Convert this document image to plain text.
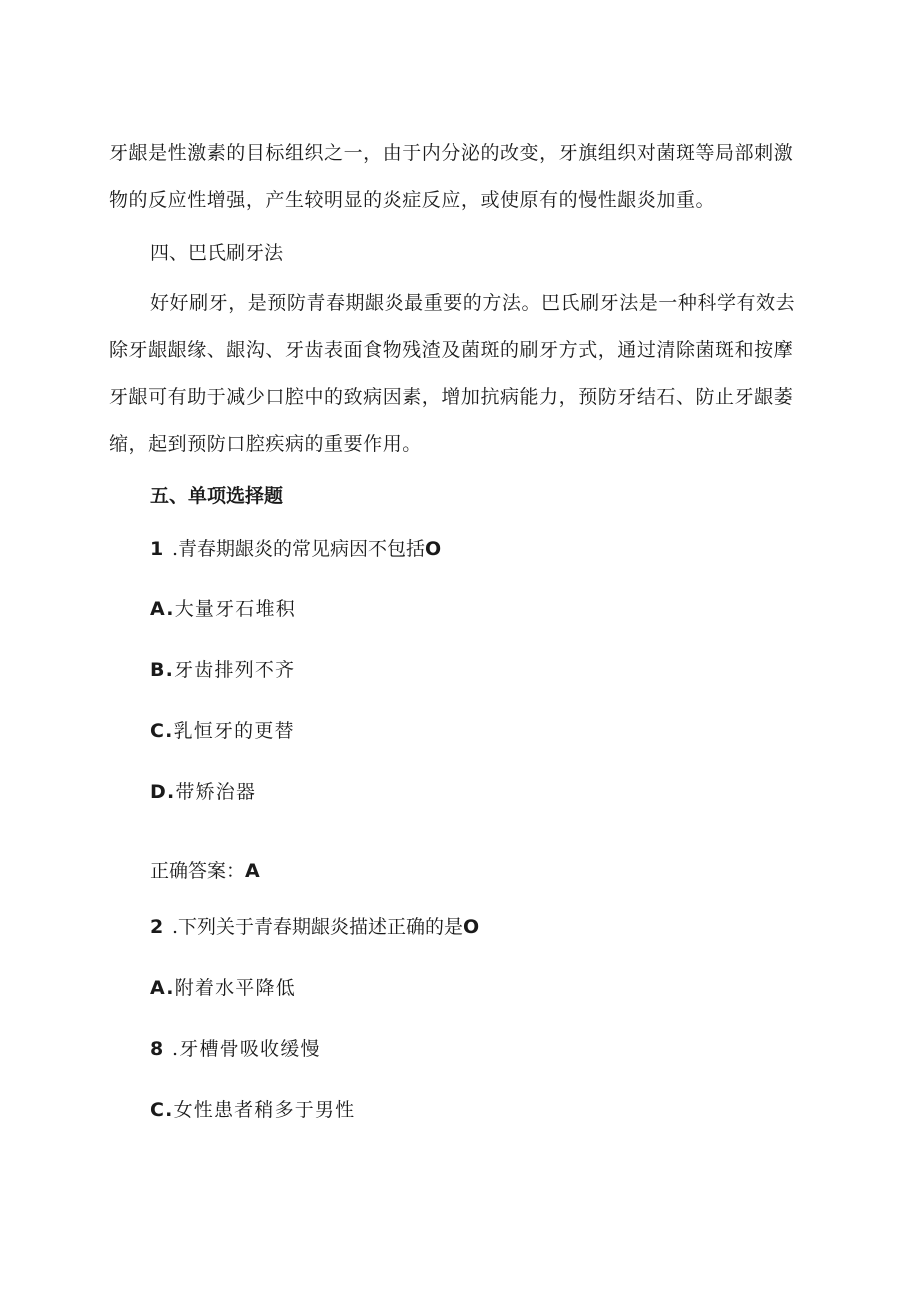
牙龈是性激素的目标组织之一，由于内分泌的改变，牙旗组织对菌斑等局部刺激
物的反应性增强，产生较明显的炎症反应，或使原有的慢性龈炎加重。
四、巴氏刷牙法
好好刷牙，是预防青春期龈炎最重要的方法。巴氏刷牙法是一种科学有效去
除牙龈龈缘、龈沟、牙齿表面食物残渣及菌斑的刷牙方式，通过清除菌斑和按摩
牙龈可有助于减少口腔中的致病因素，增加抗病能力，预防牙结石、防止牙龈萎
缩，起到预防口腔疾病的重要作用。
五、单项选择题
1 .青春期龈炎的常见病因不包括O
A.大量牙石堆积
B.牙齿排列不齐
C.乳恒牙的更替
D.带矫治器
正确答案：A
2 .下列关于青春期龈炎描述正确的是O
A.附着水平降低
8 .牙槽骨吸收缓慢
C.女性患者稍多于男性
